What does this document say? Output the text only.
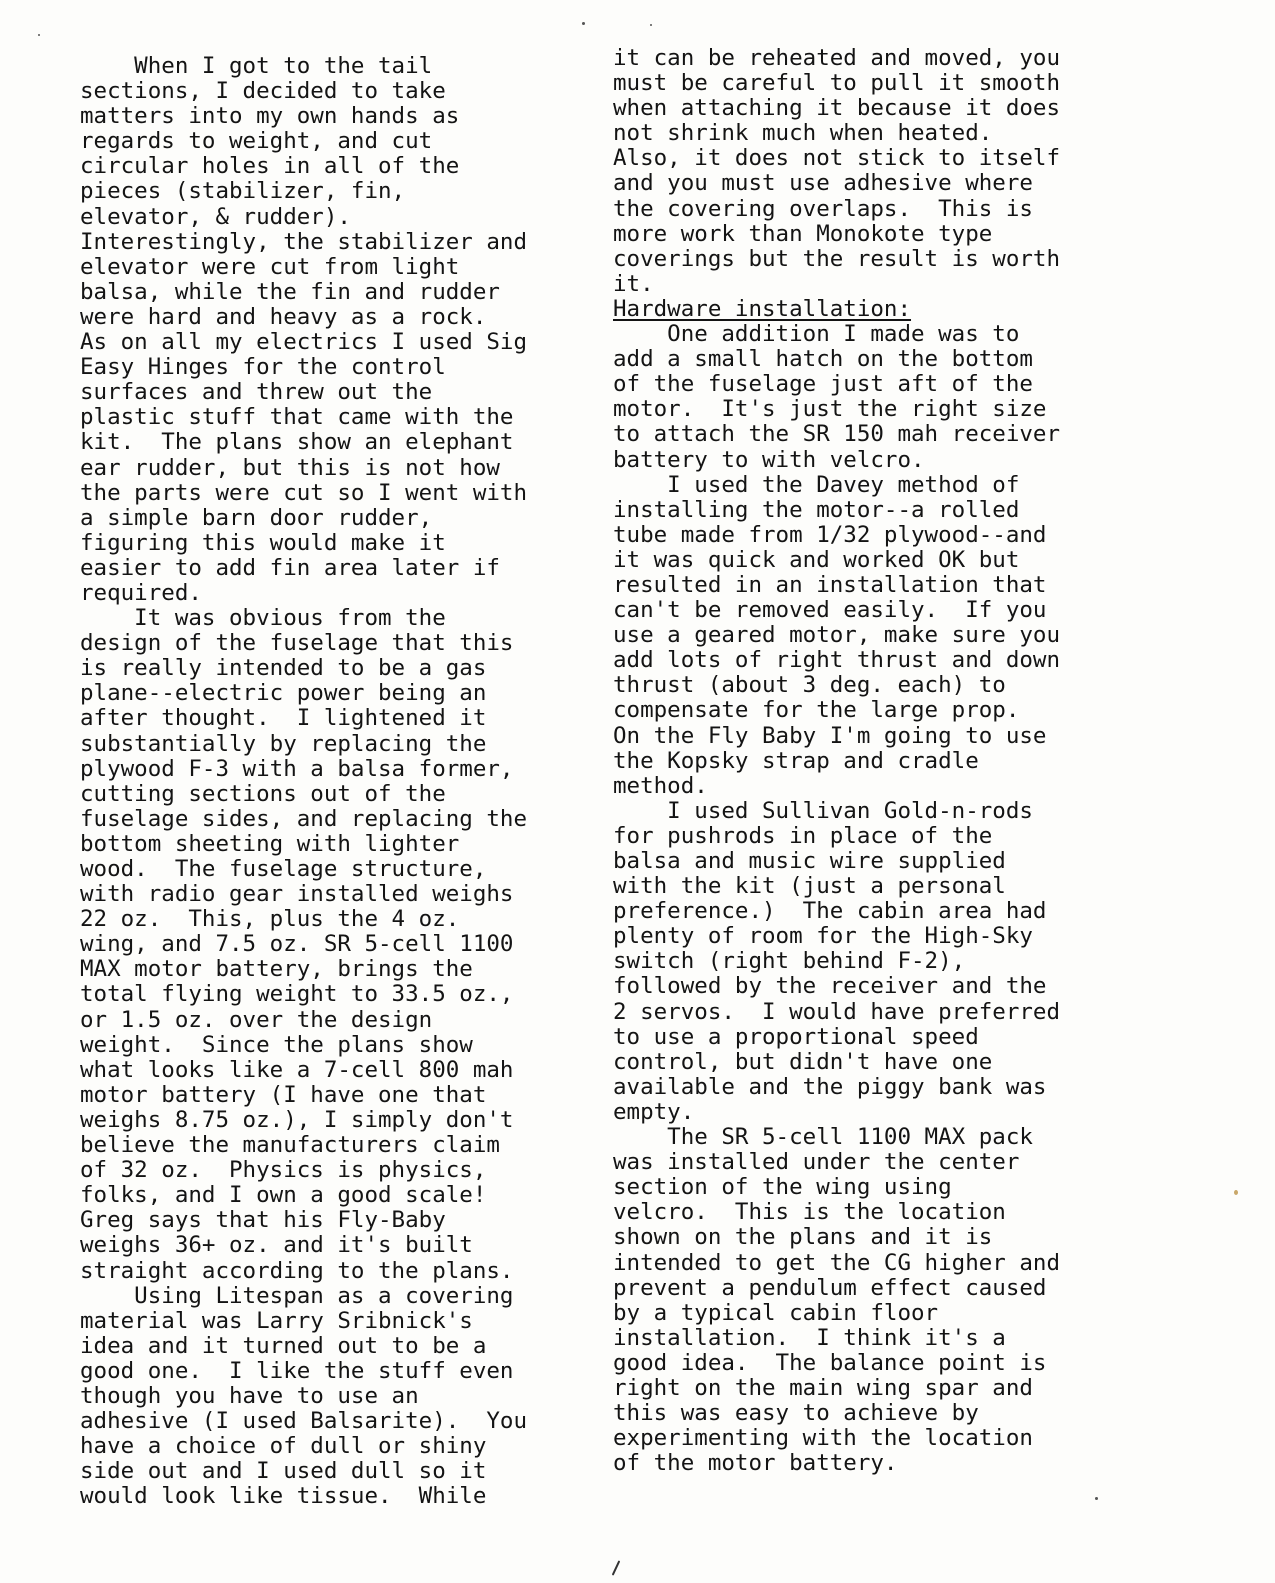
When I got to the tail
sections, I decided to take
matters into my own hands as
regards to weight, and cut
circular holes in all of the
pieces (stabilizer, fin,
elevator, & rudder).
Interestingly, the stabilizer and
elevator were cut from light
balsa, while the fin and rudder
were hard and heavy as a rock.
As on all my electrics I used Sig
Easy Hinges for the control
surfaces and threw out the
plastic stuff that came with the
kit.  The plans show an elephant
ear rudder, but this is not how
the parts were cut so I went with
a simple barn door rudder,
figuring this would make it
easier to add fin area later if
required.
It was obvious from the
design of the fuselage that this
is really intended to be a gas
plane--electric power being an
after thought.  I lightened it
substantially by replacing the
plywood F-3 with a balsa former,
cutting sections out of the
fuselage sides, and replacing the
bottom sheeting with lighter
wood.  The fuselage structure,
with radio gear installed weighs
22 oz.  This, plus the 4 oz.
wing, and 7.5 oz. SR 5-cell 1100
MAX motor battery, brings the
total flying weight to 33.5 oz.,
or 1.5 oz. over the design
weight.  Since the plans show
what looks like a 7-cell 800 mah
motor battery (I have one that
weighs 8.75 oz.), I simply don't
believe the manufacturers claim
of 32 oz.  Physics is physics,
folks, and I own a good scale!
Greg says that his Fly-Baby
weighs 36+ oz. and it's built
straight according to the plans.
Using Litespan as a covering
material was Larry Sribnick's
idea and it turned out to be a
good one.  I like the stuff even
though you have to use an
adhesive (I used Balsarite).  You
have a choice of dull or shiny
side out and I used dull so it
would look like tissue.  While
it can be reheated and moved, you
must be careful to pull it smooth
when attaching it because it does
not shrink much when heated.
Also, it does not stick to itself
and you must use adhesive where
the covering overlaps.  This is
more work than Monokote type
coverings but the result is worth
it.
Hardware installation:
One addition I made was to
add a small hatch on the bottom
of the fuselage just aft of the
motor.  It's just the right size
to attach the SR 150 mah receiver
battery to with velcro.
I used the Davey method of
installing the motor--a rolled
tube made from 1/32 plywood--and
it was quick and worked OK but
resulted in an installation that
can't be removed easily.  If you
use a geared motor, make sure you
add lots of right thrust and down
thrust (about 3 deg. each) to
compensate for the large prop.
On the Fly Baby I'm going to use
the Kopsky strap and cradle
method.
I used Sullivan Gold-n-rods
for pushrods in place of the
balsa and music wire supplied
with the kit (just a personal
preference.)  The cabin area had
plenty of room for the High-Sky
switch (right behind F-2),
followed by the receiver and the
2 servos.  I would have preferred
to use a proportional speed
control, but didn't have one
available and the piggy bank was
empty.
The SR 5-cell 1100 MAX pack
was installed under the center
section of the wing using
velcro.  This is the location
shown on the plans and it is
intended to get the CG higher and
prevent a pendulum effect caused
by a typical cabin floor
installation.  I think it's a
good idea.  The balance point is
right on the main wing spar and
this was easy to achieve by
experimenting with the location
of the motor battery.
